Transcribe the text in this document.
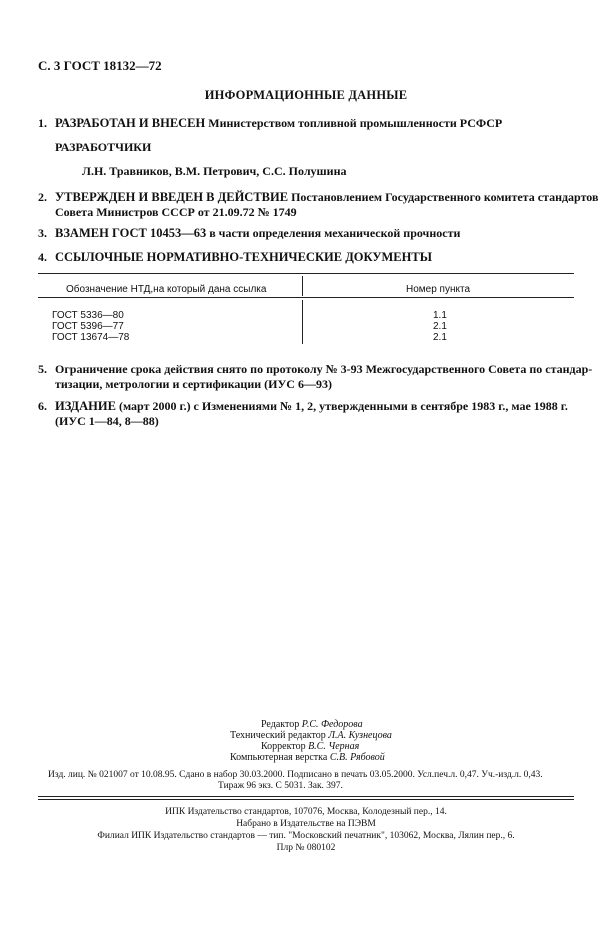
С. 3 ГОСТ 18132—72
ИНФОРМАЦИОННЫЕ ДАННЫЕ
1. РАЗРАБОТАН И ВНЕСЕН Министерством топливной промышленности РСФСР
РАЗРАБОТЧИКИ
Л.Н. Травников, В.М. Петрович, С.С. Полушина
2. УТВЕРЖДЕН И ВВЕДЕН В ДЕЙСТВИЕ Постановлением Государственного комитета стандартов
Совета Министров СССР от 21.09.72 № 1749
3. ВЗАМЕН ГОСТ 10453—63 в части определения механической прочности
4. ССЫЛОЧНЫЕ НОРМАТИВНО-ТЕХНИЧЕСКИЕ ДОКУМЕНТЫ
Обозначение НТД,на который дана ссылка	Номер пункта
ГОСТ 5336—80	1.1
ГОСТ 5396—77	2.1
ГОСТ 13674—78	2.1
5. Ограничение срока действия снято по протоколу № 3-93 Межгосударственного Совета по стандар-
тизации, метрологии и сертификации (ИУС 6—93)
6. ИЗДАНИЕ (март 2000 г.) с Изменениями № 1, 2, утвержденными в сентябре 1983 г., мае 1988 г.
(ИУС 1—84, 8—88)
Редактор Р.С. Федорова
Технический редактор Л.А. Кузнецова
Корректор В.С. Черная
Компьютерная верстка С.В. Рябовой
Изд. лиц. № 021007 от 10.08.95. Сдано в набор 30.03.2000. Подписано в печать 03.05.2000. Усл.печ.л. 0,47. Уч.-изд.л. 0,43.
Тираж 96 экз. С 5031. Зак. 397.
ИПК Издательство стандартов, 107076, Москва, Колодезный пер., 14.
Набрано в Издательстве на ПЭВМ
Филиал ИПК Издательство стандартов — тип. "Московский печатник", 103062, Москва, Лялин пер., 6.
Плр № 080102
